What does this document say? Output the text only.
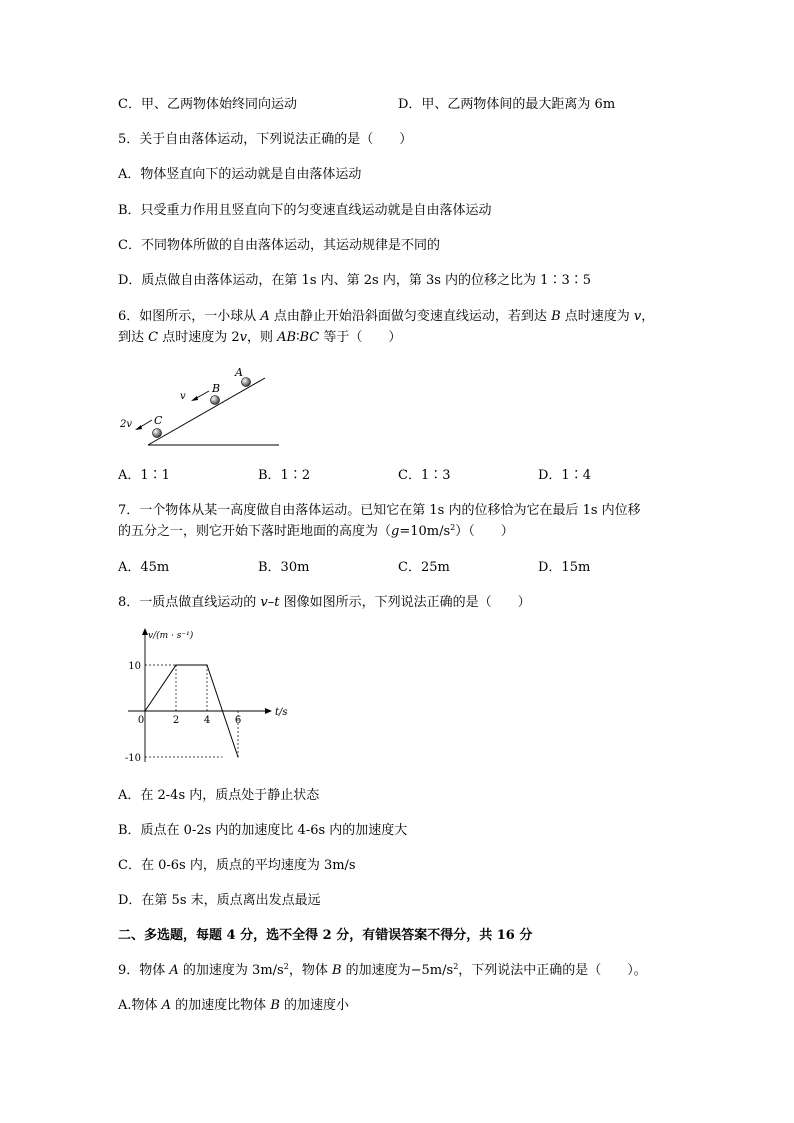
C．甲、乙两物体始终同向运动	D．甲、乙两物体间的最大距离为 6m
5．关于自由落体运动，下列说法正确的是（　　）
A．物体竖直向下的运动就是自由落体运动
B．只受重力作用且竖直向下的匀变速直线运动就是自由落体运动
C．不同物体所做的自由落体运动，其运动规律是不同的
D．质点做自由落体运动，在第 1s 内、第 2s 内，第 3s 内的位移之比为 1∶3∶5
6．如图所示，一小球从 A 点由静止开始沿斜面做匀变速直线运动，若到达 B 点时速度为 v，
到达 C 点时速度为 2v，则 AB∶BC 等于（　　）
A
B
C
v
2v
A．1∶1	B．1∶2	C．1∶3	D．1∶4
7．一个物体从某一高度做自由落体运动。已知它在第 1s 内的位移恰为它在最后 1s 内位移
的五分之一，则它开始下落时距地面的高度为$(g=10m/s^2)$（　　）
A．45m	B．30m	C．25m	D．15m
8．一质点做直线运动的 v–t 图像如图所示，下列说法正确的是（　　）
v/(m · s⁻¹)
t/s
10
-10
0	2 4 6
A．在 2-4s 内，质点处于静止状态
B．质点在 0-2s 内的加速度比 4-6s 内的加速度大
C．在 0-6s 内，质点的平均速度为 3m/s
D．在第 5s 末，质点离出发点最远
二、多选题，每题 4 分，选不全得 2 分，有错误答案不得分，共 16 分
9．物体 A 的加速度为 $3m/s^2$，物体 B 的加速度为$-5m/s^2$，下列说法中正确的是（　　）。
A.物体 A 的加速度比物体 B 的加速度小
